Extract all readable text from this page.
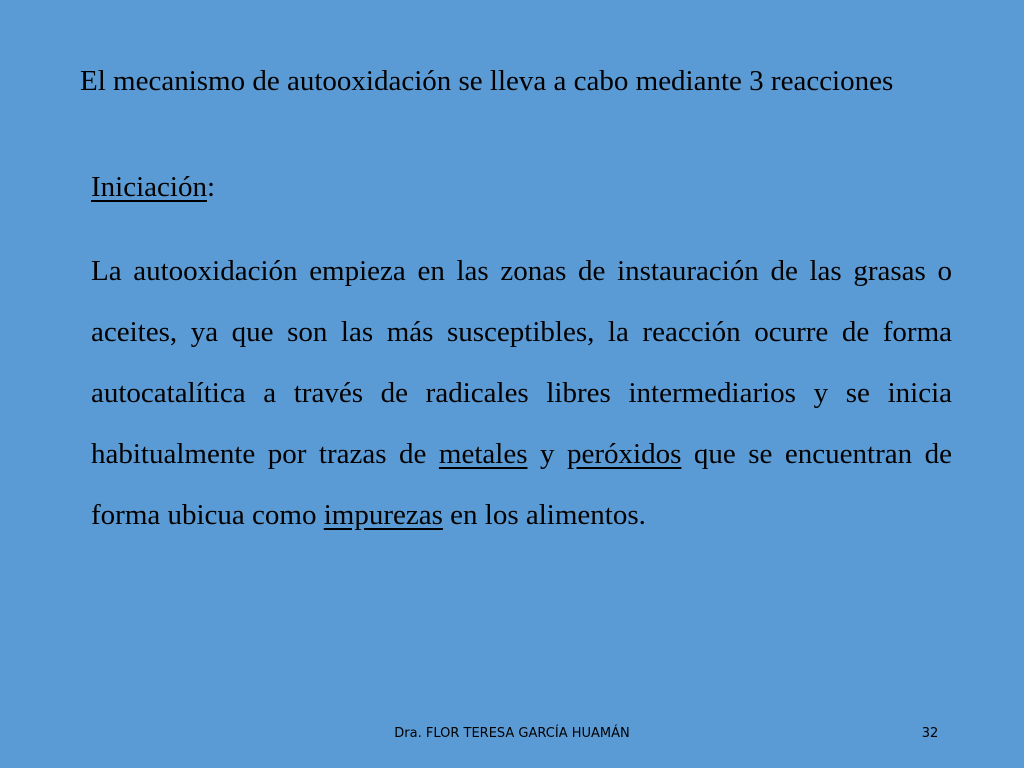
El mecanismo de autooxidación se lleva a cabo mediante 3 reacciones
Iniciación:
La autooxidación empieza en las zonas de instauración de las grasas o aceites, ya que son las más susceptibles, la reacción ocurre de forma autocatalítica a través de radicales libres intermediarios y se inicia habitualmente por trazas de metales y peróxidos que se encuentran de forma ubicua como impurezas en los alimentos.
Dra. FLOR TERESA GARCÍA HUAMÁN	32
